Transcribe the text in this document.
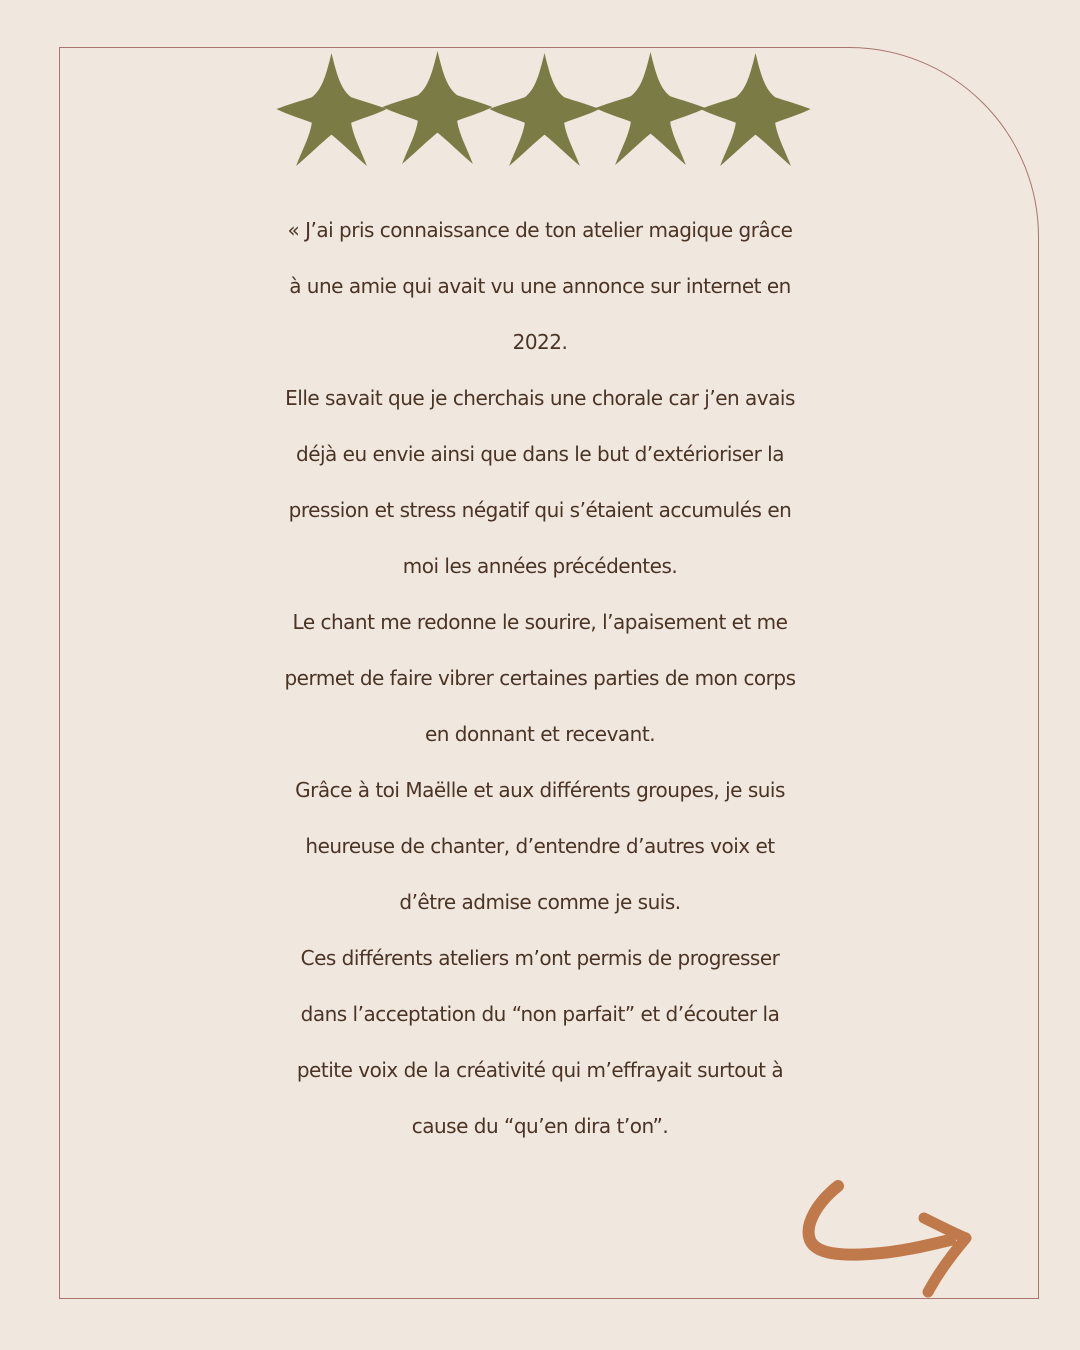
« J’ai pris connaissance de ton atelier magique grâce
à une amie qui avait vu une annonce sur internet en
2022.
Elle savait que je cherchais une chorale car j’en avais
déjà eu envie ainsi que dans le but d’extérioriser la
pression et stress négatif qui s’étaient accumulés en
moi les années précédentes.
Le chant me redonne le sourire, l’apaisement et me
permet de faire vibrer certaines parties de mon corps
en donnant et recevant.
Grâce à toi Maëlle et aux différents groupes, je suis
heureuse de chanter, d’entendre d’autres voix et
d’être admise comme je suis.
Ces différents ateliers m’ont permis de progresser
dans l’acceptation du “non parfait” et d’écouter la
petite voix de la créativité qui m’effrayait surtout à
cause du “qu’en dira t’on”.
